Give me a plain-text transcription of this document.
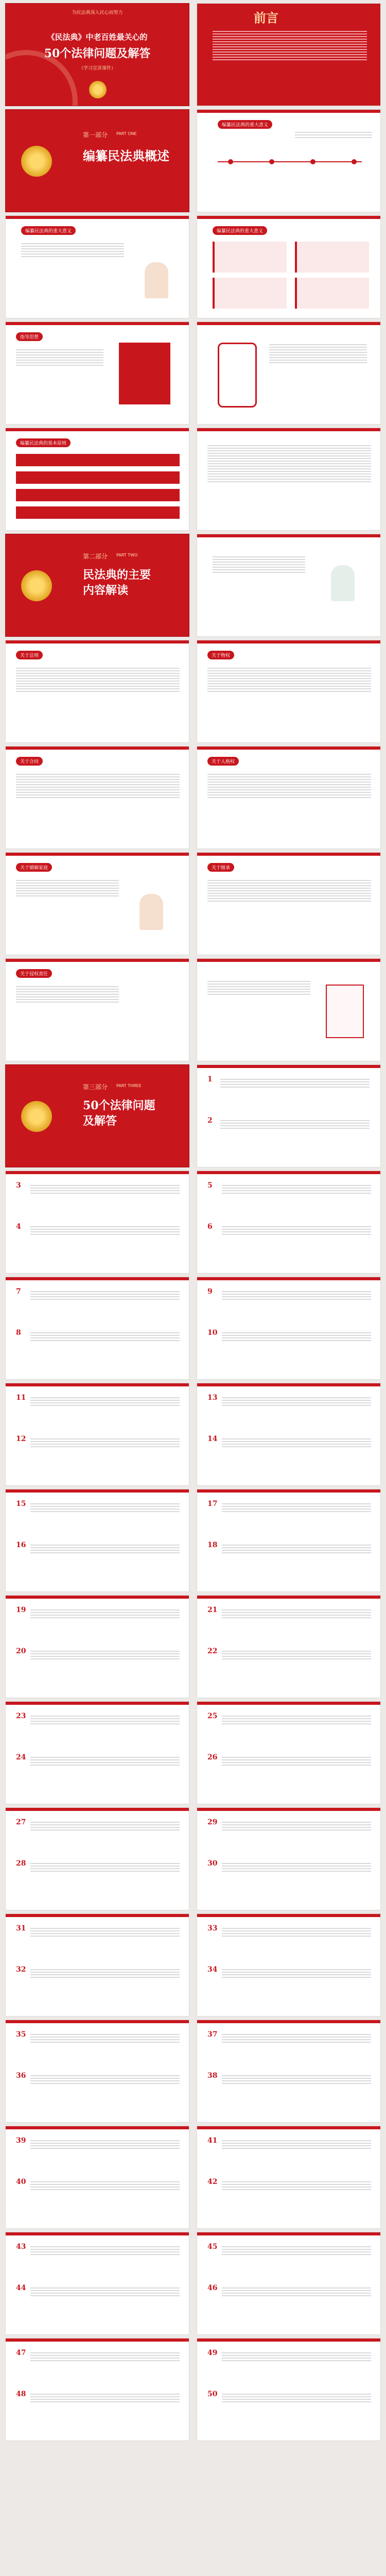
为民法典深入民心而努力
《民法典》中老百姓最关心的
50个法律问题及解答
（学习宣讲课件）
前言
第一部分 PART ONE
编纂民法典概述
编纂民法典的重大意义
编纂民法典的重大意义	编纂民法典的重大意义
指导思想
编纂民法典的基本原则
第二部分 PART TWO
民法典的主要
内容解读
关于总则	关于物权
关于合同	关于人格权
关于婚姻家庭	关于继承
关于侵权责任
第三部分 PART THREE
50个法律问题
及解答
1
2
3
4
5
6
7
8
9
10
11
12
13
14
15
16
17
18
19
20
21
22
23
24
25
26
27
28
29
30
31
32
33
34
35
36
37
38
39
40
41
42
43
44
45
46
47
48
49
50
